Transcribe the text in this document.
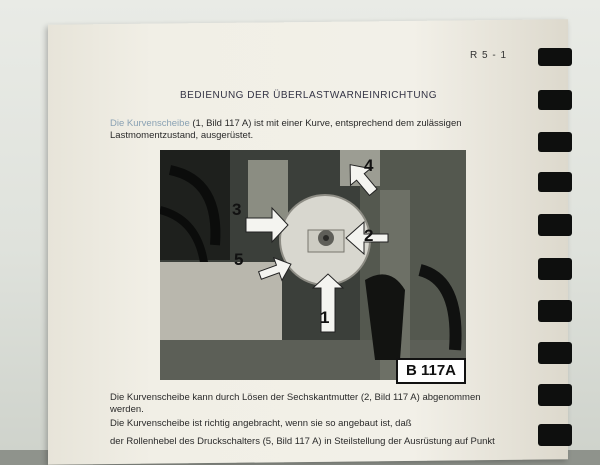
R 5 - 1
BEDIENUNG DER ÜBERLASTWARNEINRICHTUNG
Die Kurvenscheibe (1, Bild 117 A) ist mit einer Kurve, entsprechend dem zulässigen Lastmomentzustand, ausgerüstet.
3
5
2
4
1
B 117A
Die Kurvenscheibe kann durch Lösen der Sechskantmutter (2, Bild 117 A) abgenommen werden.
Die Kurvenscheibe ist richtig angebracht, wenn sie so angebaut ist, daß
der Rollenhebel des Druckschalters (5, Bild 117 A) in Steilstellung der Ausrüstung auf Punkt
